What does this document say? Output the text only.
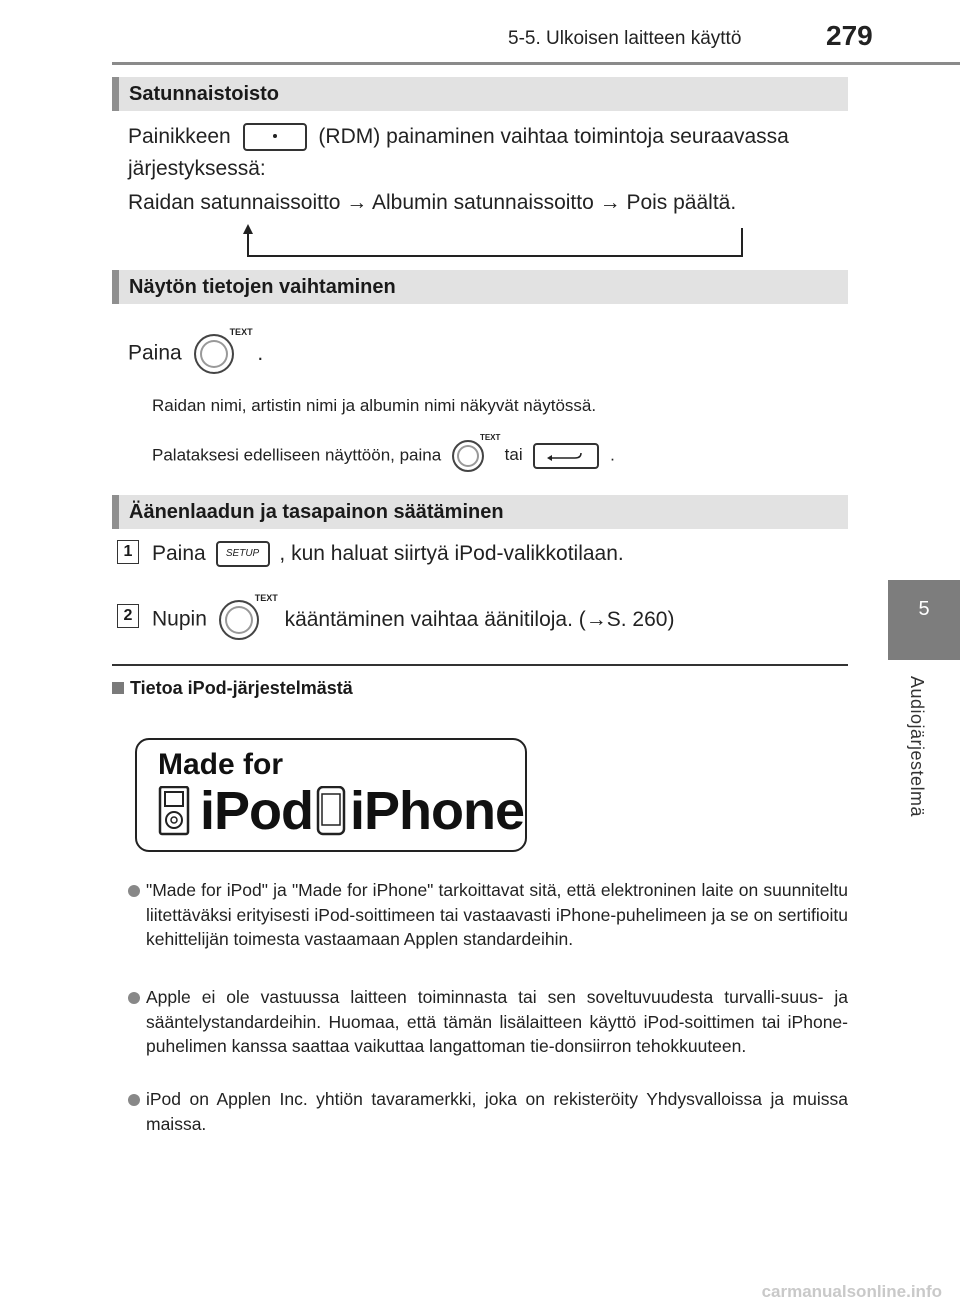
5-5. Ulkoisen laitteen käyttö	279
5
Audiojärjestelmä
Satunnaistoisto
Painikkeen	(RDM) painaminen vaihtaa toimintoja seuraavassa
järjestyksessä:
Raidan satunnaissoitto → Albumin satunnaissoitto → Pois päältä.
Näytön tietojen vaihtaminen
Paina
TEXT
.
Raidan nimi, artistin nimi ja albumin nimi näkyvät näytössä.
Palataksesi edelliseen näyttöön, paina
TEXT
tai	.
Äänenlaadun ja tasapainon säätäminen
1 Paina SETUP , kun haluat siirtyä iPod-valikkotilaan.
2 Nupin
TEXT
kääntäminen vaihtaa äänitiloja. (→S. 260)
Tietoa iPod-järjestelmästä
Made for
iPod iPhone
"Made for iPod" ja "Made for iPhone" tarkoittavat sitä, että elektroninen laite on suunniteltu liitettäväksi erityisesti iPod-soittimeen tai vastaavasti iPhone-puhelimeen ja se on sertifioitu kehittelijän toimesta vastaamaan Applen standardeihin.
Apple ei ole vastuussa laitteen toiminnasta tai sen soveltuvuudesta turvalli-suus- ja sääntelystandardeihin. Huomaa, että tämän lisälaitteen käyttö iPod-soittimen tai iPhone-puhelimen kanssa saattaa vaikuttaa langattoman tie-donsiirron tehokkuuteen.
iPod on Applen Inc. yhtiön tavaramerkki, joka on rekisteröity Yhdysvalloissa ja muissa maissa.
carmanualsonline.info
